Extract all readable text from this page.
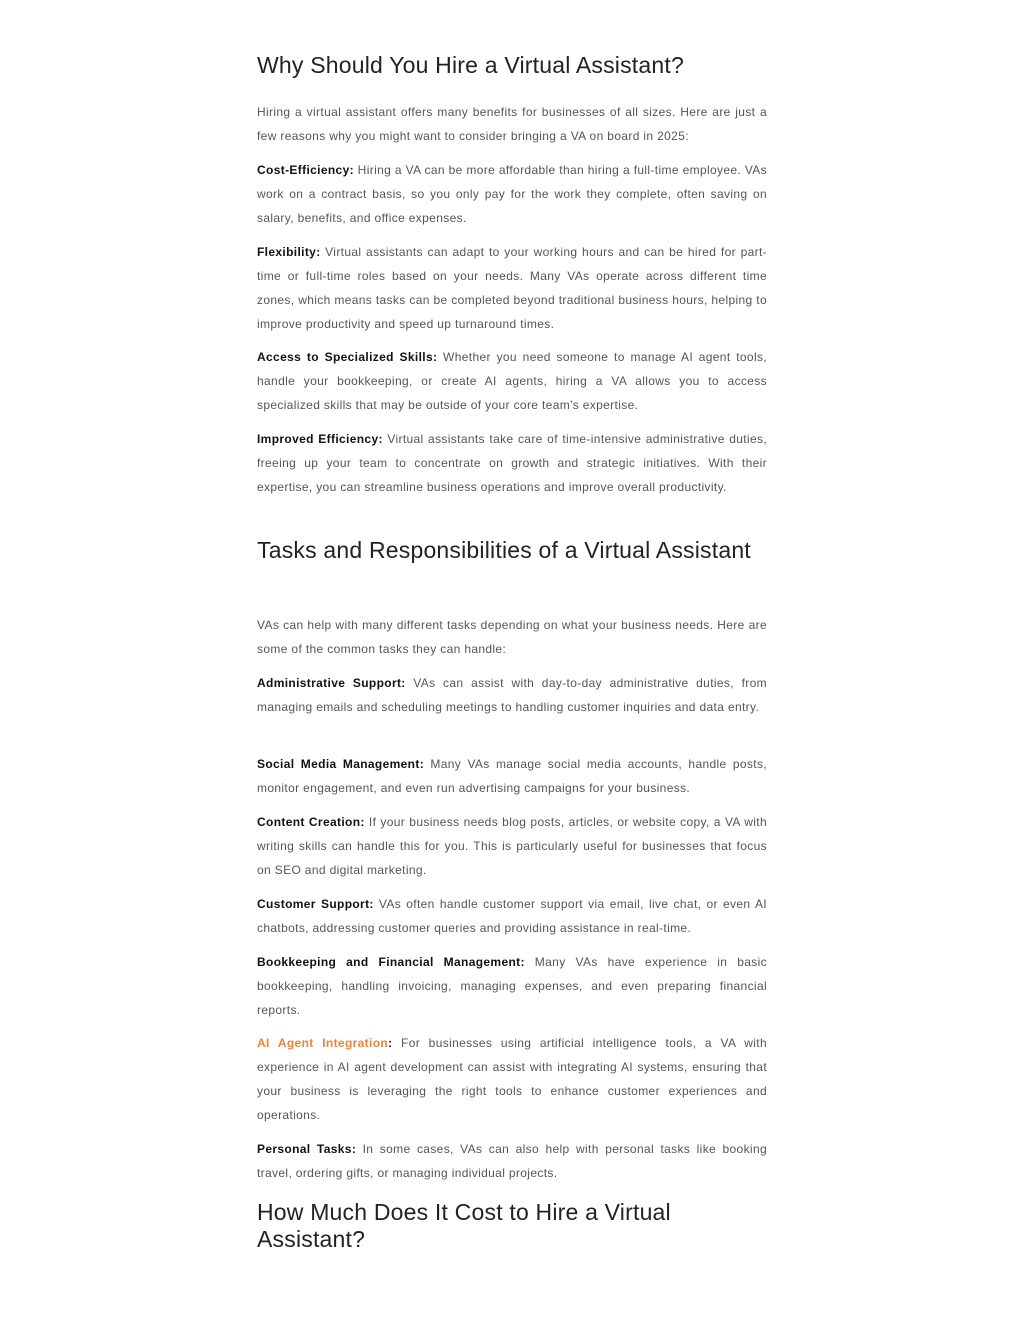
Why Should You Hire a Virtual Assistant?

Hiring a virtual assistant offers many benefits for businesses of all sizes. Here are just a few reasons why you might want to consider bringing a VA on board in 2025:

Cost-Efficiency: Hiring a VA can be more affordable than hiring a full-time employee. VAs work on a contract basis, so you only pay for the work they complete, often saving on salary, benefits, and office expenses.

Flexibility: Virtual assistants can adapt to your working hours and can be hired for part-time or full-time roles based on your needs. Many VAs operate across different time zones, which means tasks can be completed beyond traditional business hours, helping to improve productivity and speed up turnaround times.

Access to Specialized Skills: Whether you need someone to manage AI agent tools, handle your bookkeeping, or create AI agents, hiring a VA allows you to access specialized skills that may be outside of your core team's expertise.

Improved Efficiency: Virtual assistants take care of time-intensive administrative duties, freeing up your team to concentrate on growth and strategic initiatives. With their expertise, you can streamline business operations and improve overall productivity.

Tasks and Responsibilities of a Virtual Assistant

VAs can help with many different tasks depending on what your business needs. Here are some of the common tasks they can handle:

Administrative Support: VAs can assist with day-to-day administrative duties, from managing emails and scheduling meetings to handling customer inquiries and data entry.

Social Media Management: Many VAs manage social media accounts, handle posts, monitor engagement, and even run advertising campaigns for your business.

Content Creation: If your business needs blog posts, articles, or website copy, a VA with writing skills can handle this for you. This is particularly useful for businesses that focus on SEO and digital marketing.

Customer Support: VAs often handle customer support via email, live chat, or even AI chatbots, addressing customer queries and providing assistance in real-time.

Bookkeeping and Financial Management: Many VAs have experience in basic bookkeeping, handling invoicing, managing expenses, and even preparing financial reports.

AI Agent Integration: For businesses using artificial intelligence tools, a VA with experience in AI agent development can assist with integrating AI systems, ensuring that your business is leveraging the right tools to enhance customer experiences and operations.

Personal Tasks: In some cases, VAs can also help with personal tasks like booking travel, ordering gifts, or managing individual projects.

How Much Does It Cost to Hire a Virtual Assistant?
